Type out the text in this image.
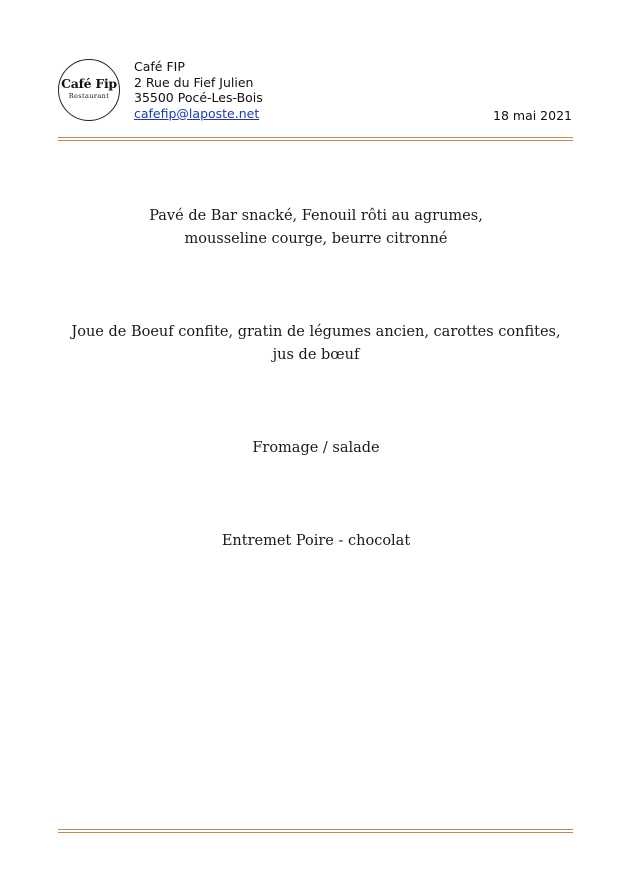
Café Fip
Restaurant
Café FIP
2 Rue du Fief Julien
35500 Pocé-Les-Bois
cafefip@laposte.net	18 mai 2021
Pavé de Bar snacké, Fenouil rôti au agrumes,
mousseline courge, beurre citronné
Joue de Boeuf confite, gratin de légumes ancien, carottes confites,
jus de bœuf
Fromage / salade
Entremet Poire - chocolat
